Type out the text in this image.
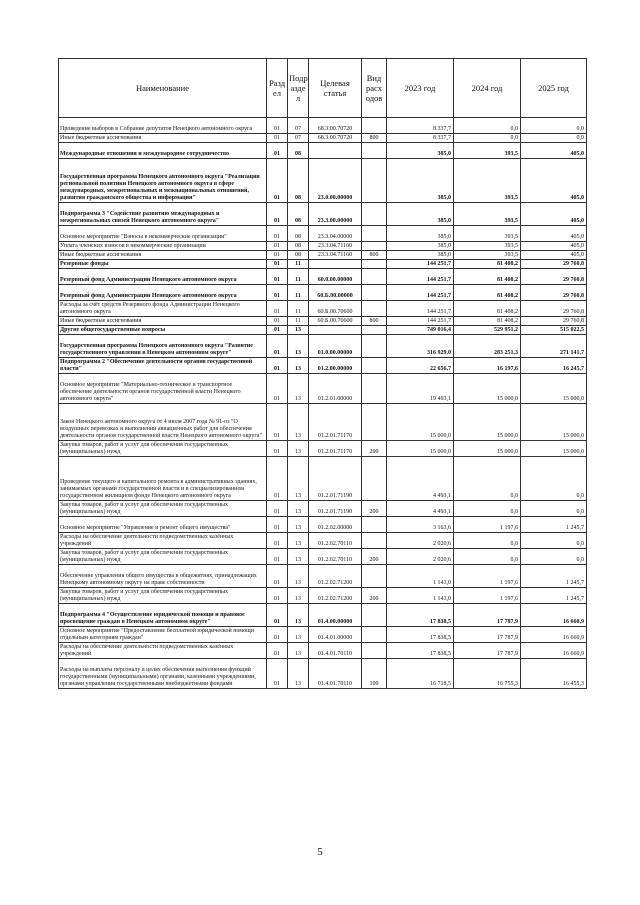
Наименование	Разд ел	Подр азде л	Целевая статья	Вид расх одов	2023 год	2024 год	2025 год
Проведение выборов в Собрание депутатов Ненецкого автономного округа	01	07	68.3.00.70720		8 337,7	0,0	0,0
Иные бюджетные ассигнования	01	07	68.3.00.70720	800	8 337,7	0,0	0,0
Международные отношения и международное сотрудничество	01	08			385,0	393,5	405,0
Государственная программа Ненецкого автономного округа "Реализация региональной политики Ненецкого автономного округа в сфере международных, межрегиональных и межнациональных отношений, развития гражданского общества и информации"	01	08	23.0.00.00000		385,0	393,5	405,0
Подпрограмма 3 "Содействие развитию международных и межрегиональных связей Ненецкого автономного округа"	01	08	23.3.00.00000		385,0	393,5	405,0
Основное мероприятие "Взносы в некоммерческие организации"	01	08	23.3.04.00000		385,0	393,5	405,0
Уплата членских взносов в некоммерческие организации	01	08	23.3.04.71160		385,0	393,5	405,0
Иные бюджетные ассигнования	01	08	23.3.04.71160	800	385,0	393,5	405,0
Резервные фонды	01	11			144 251,7	81 408,2	29 760,8
Резервный фонд Администрации Ненецкого автономного округа	01	11	60.0.00.00000		144 251,7	81 408,2	29 760,8
Резервный фонд Администрации Ненецкого автономного округа	01	11	60.Б.00.00000		144 251,7	81 408,2	29 760,8
Расходы за счёт средств Резервного фонда Администрации Ненецкого автономного округа	01	11	60.Б.00.70600		144 251,7	81 408,2	29 760,8
Иные бюджетные ассигнования	01	11	60.Б.00.70600	800	144 251,7	81 408,2	29 760,8
Другие общегосударственные вопросы	01	13			749 016,4	529 951,2	515 022,5
Государственная программа Ненецкого автономного округа "Развитие государственного управления в Ненецком автономном округе"	01	13	01.0.00.00000		316 929,0	283 251,3	271 141,7
Подпрограмма 2 "Обеспечение деятельности органов государственной власти"	01	13	01.2.00.00000		22 656,7	16 197,6	16 245,7
Основное мероприятие "Материально-техническое и транспортное обеспечение деятельности органов государственной власти Ненецкого автономного округа"	01	13	01.2.01.00000		19 493,1	15 000,0	15 000,0
Закон Ненецкого автономного округа от 4 июля 2007 года № 91-оз "О воздушных перевозках и выполнении авиационных работ для обеспечения деятельности органов государственной власти Ненецкого автономного округа"	01	13	01.2.01.71170		15 000,0	15 000,0	15 000,0
Закупка товаров, работ и услуг для обеспечения государственных (муниципальных) нужд	01	13	01.2.01.71170	200	15 000,0	15 000,0	15 000,0
Проведение текущего и капитального ремонта в административных зданиях, занимаемых органами государственной власти и в специализированном государственном жилищном фонде Ненецкого автономного округа	01	13	01.2.01.71190		4 493,1	0,0	0,0
Закупка товаров, работ и услуг для обеспечения государственных (муниципальных) нужд	01	13	01.2.01.71190	200	4 493,1	0,0	0,0
Основное мероприятие "Управление и ремонт общего имущества"	01	13	01.2.02.00000		3 163,6	1 197,6	1 245,7
Расходы на обеспечение деятельности подведомственных казённых учреждений	01	13	01.2.02.70110		2 020,6	0,0	0,0
Закупка товаров, работ и услуг для обеспечения государственных (муниципальных) нужд	01	13	01.2.02.70110	200	2 020,6	0,0	0,0
Обеспечение управления общего имущества в общежитиях, принадлежащих Ненецкому автономному округу на праве собственности	01	13	01.2.02.71200		1 143,0	1 197,6	1 245,7
Закупка товаров, работ и услуг для обеспечения государственных (муниципальных) нужд	01	13	01.2.02.71200	200	1 143,0	1 197,6	1 245,7
Подпрограмма 4 "Осуществление юридической помощи и правовое просвещение граждан в Ненецком автономном округе"	01	13	01.4.00.00000		17 838,5	17 787,9	16 660,9
Основное мероприятие "Предоставление бесплатной юридической помощи отдельным категориям граждан"	01	13	01.4.01.00000		17 838,5	17 787,9	16 660,9
Расходы на обеспечение деятельности подведомственных казённых учреждений	01	13	01.4.01.70110		17 838,5	17 787,9	16 660,9
Расходы на выплаты персоналу в целях обеспечения выполнения функций государственными (муниципальными) органами, казенными учреждениями, органами управления государственными внебюджетными фондами	01	13	01.4.01.70110	100	16 718,5	16 755,3	16 455,3
5
